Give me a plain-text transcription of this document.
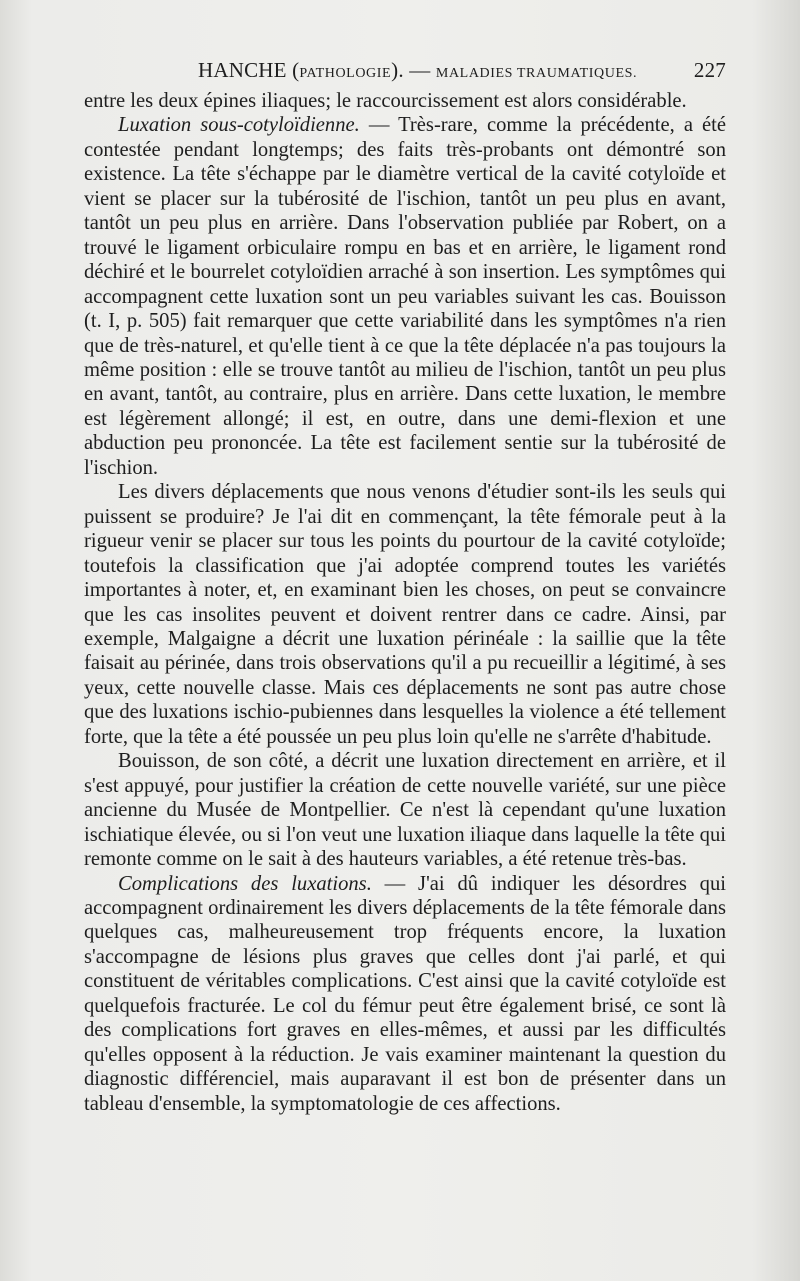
HANCHE (PATHOLOGIE). — MALADIES TRAUMATIQUES.	227

entre les deux épines iliaques; le raccourcissement est alors considérable.

Luxation sous-cotyloïdienne. — Très-rare, comme la précédente, a été contestée pendant longtemps; des faits très-probants ont démontré son existence. La tête s'échappe par le diamètre vertical de la cavité cotyloïde et vient se placer sur la tubérosité de l'ischion, tantôt un peu plus en avant, tantôt un peu plus en arrière. Dans l'observation publiée par Robert, on a trouvé le ligament orbiculaire rompu en bas et en arrière, le ligament rond déchiré et le bourrelet cotyloïdien arraché à son insertion. Les symptômes qui accompagnent cette luxation sont un peu variables suivant les cas. Bouisson (t. I, p. 505) fait remarquer que cette variabilité dans les symptômes n'a rien que de très-naturel, et qu'elle tient à ce que la tête déplacée n'a pas toujours la même position : elle se trouve tantôt au milieu de l'ischion, tantôt un peu plus en avant, tantôt, au contraire, plus en arrière. Dans cette luxation, le membre est légèrement allongé; il est, en outre, dans une demi-flexion et une abduction peu prononcée. La tête est facilement sentie sur la tubérosité de l'ischion.

Les divers déplacements que nous venons d'étudier sont-ils les seuls qui puissent se produire? Je l'ai dit en commençant, la tête fémorale peut à la rigueur venir se placer sur tous les points du pourtour de la cavité cotyloïde; toutefois la classification que j'ai adoptée comprend toutes les variétés importantes à noter, et, en examinant bien les choses, on peut se convaincre que les cas insolites peuvent et doivent rentrer dans ce cadre. Ainsi, par exemple, Malgaigne a décrit une luxation périnéale : la saillie que la tête faisait au périnée, dans trois observations qu'il a pu recueillir a légitimé, à ses yeux, cette nouvelle classe. Mais ces déplacements ne sont pas autre chose que des luxations ischio-pubiennes dans lesquelles la violence a été tellement forte, que la tête a été poussée un peu plus loin qu'elle ne s'arrête d'habitude.

Bouisson, de son côté, a décrit une luxation directement en arrière, et il s'est appuyé, pour justifier la création de cette nouvelle variété, sur une pièce ancienne du Musée de Montpellier. Ce n'est là cependant qu'une luxation ischiatique élevée, ou si l'on veut une luxation iliaque dans laquelle la tête qui remonte comme on le sait à des hauteurs variables, a été retenue très-bas.

Complications des luxations. — J'ai dû indiquer les désordres qui accompagnent ordinairement les divers déplacements de la tête fémorale dans quelques cas, malheureusement trop fréquents encore, la luxation s'accompagne de lésions plus graves que celles dont j'ai parlé, et qui constituent de véritables complications. C'est ainsi que la cavité cotyloïde est quelquefois fracturée. Le col du fémur peut être également brisé, ce sont là des complications fort graves en elles-mêmes, et aussi par les difficultés qu'elles opposent à la réduction. Je vais examiner maintenant la question du diagnostic différenciel, mais auparavant il est bon de présenter dans un tableau d'ensemble, la symptomatologie de ces affections.
